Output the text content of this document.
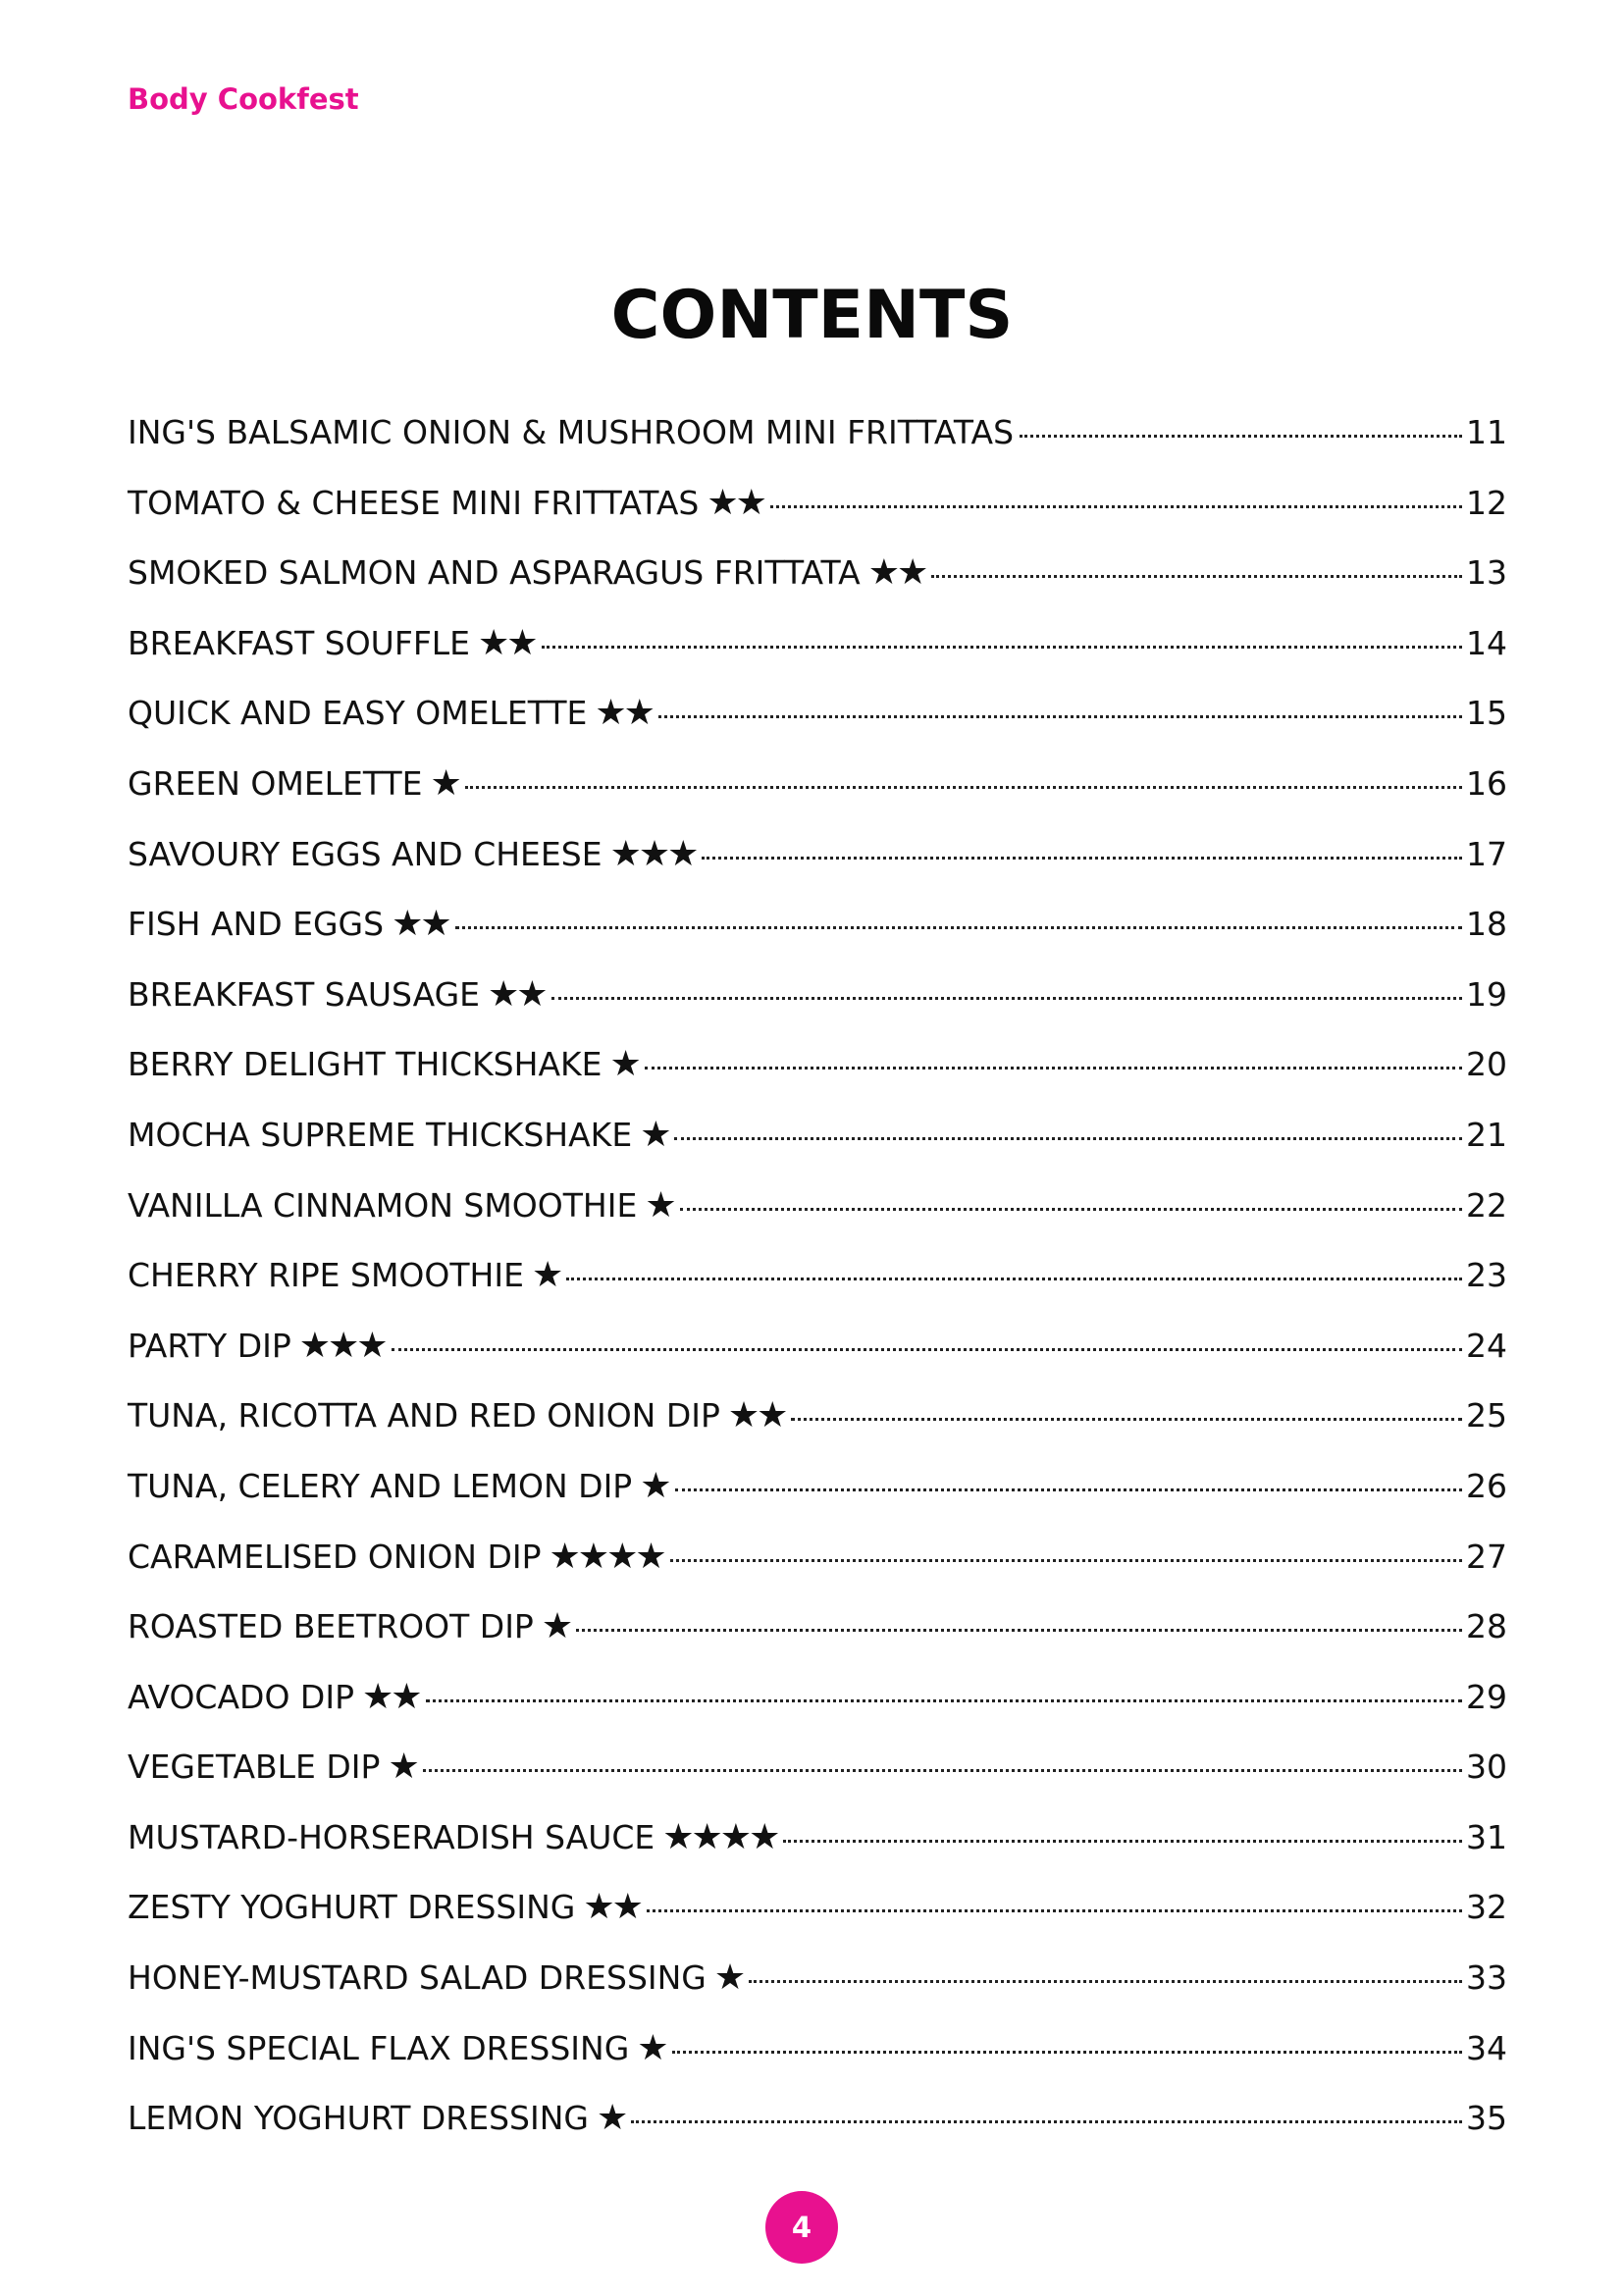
Body Cookfest
CONTENTS
ING'S BALSAMIC ONION & MUSHROOM MINI FRITTATAS	11
TOMATO & CHEESE MINI FRITTATAS ★★	12
SMOKED SALMON AND ASPARAGUS FRITTATA ★★	13
BREAKFAST SOUFFLE ★★	14
QUICK AND EASY OMELETTE ★★	15
GREEN OMELETTE ★	16
SAVOURY EGGS AND CHEESE ★★★	17
FISH AND EGGS ★★	18
BREAKFAST SAUSAGE ★★	19
BERRY DELIGHT THICKSHAKE ★	20
MOCHA SUPREME THICKSHAKE ★	21
VANILLA CINNAMON SMOOTHIE ★	22
CHERRY RIPE SMOOTHIE ★	23
PARTY DIP ★★★	24
TUNA, RICOTTA AND RED ONION DIP ★★	25
TUNA, CELERY AND LEMON DIP ★	26
CARAMELISED ONION DIP ★★★★	27
ROASTED BEETROOT DIP ★	28
AVOCADO DIP ★★	29
VEGETABLE DIP ★	30
MUSTARD-HORSERADISH SAUCE ★★★★	31
ZESTY YOGHURT DRESSING ★★	32
HONEY-MUSTARD SALAD DRESSING ★	33
ING'S SPECIAL FLAX DRESSING ★	34
LEMON YOGHURT DRESSING ★	35
4
